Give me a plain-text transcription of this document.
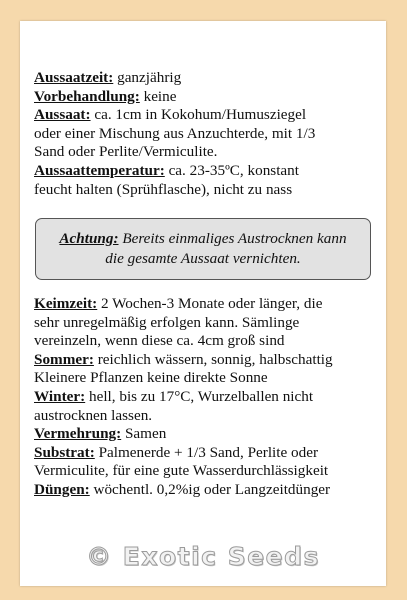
Aussaatzeit: ganzjährig

Vorbehandlung: keine

Aussaat: ca. 1cm in Kokohum/Humusziegel

oder einer Mischung aus Anzuchterde, mit 1/3

Sand oder Perlite/Vermiculite.

Aussaattemperatur: ca. 23-35ºC, konstant

feucht halten (Sprühflasche), nicht zu nass

Achtung: Bereits einmaliges Austrocknen kann
die gesamte Aussaat vernichten.

Keimzeit: 2 Wochen-3 Monate oder länger, die

sehr unregelmäßig erfolgen kann. Sämlinge

vereinzeln, wenn diese ca. 4cm groß sind

Sommer: reichlich wässern, sonnig, halbschattig

Kleinere Pflanzen keine direkte Sonne

Winter: hell, bis zu 17°C, Wurzelballen nicht

austrocknen lassen.

Vermehrung: Samen

Substrat: Palmenerde + 1/3 Sand, Perlite oder

Vermiculite, für eine gute Wasserdurchlässigkeit

Düngen: wöchentl. 0,2%ig oder Langzeitdünger

© Exotic Seeds
